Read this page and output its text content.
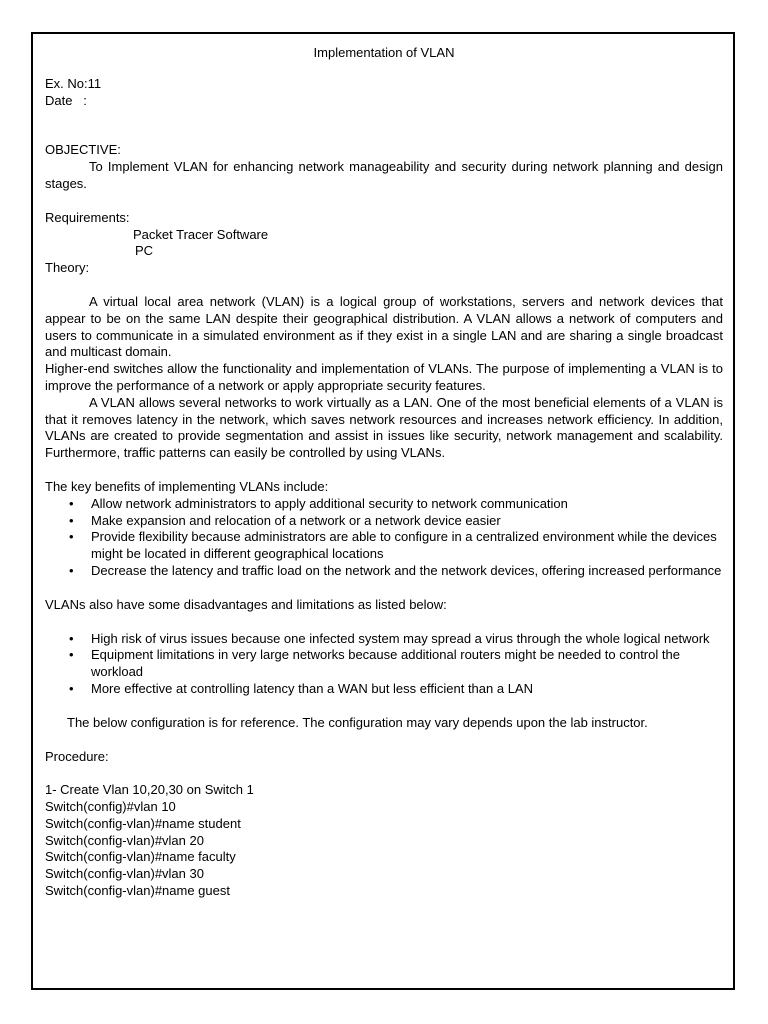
Implementation of VLAN

Ex. No:11

Date   :

OBJECTIVE:

To Implement VLAN for enhancing network manageability and security during network planning and design stages.

Requirements:

Packet Tracer Software

PC

Theory:

A virtual local area network (VLAN) is a logical group of workstations, servers and network devices that appear to be on the same LAN despite their geographical distribution. A VLAN allows a network of computers and users to communicate in a simulated environment as if they exist in a single LAN and are sharing a single broadcast and multicast domain.

Higher-end switches allow the functionality and implementation of VLANs. The purpose of implementing a VLAN is to improve the performance of a network or apply appropriate security features.

A VLAN allows several networks to work virtually as a LAN. One of the most beneficial elements of a VLAN is that it removes latency in the network, which saves network resources and increases network efficiency. In addition, VLANs are created to provide segmentation and assist in issues like security, network management and scalability. Furthermore, traffic patterns can easily be controlled by using VLANs.

The key benefits of implementing VLANs include:

• Allow network administrators to apply additional security to network communication
• Make expansion and relocation of a network or a network device easier
• Provide flexibility because administrators are able to configure in a centralized environment while the devices might be located in different geographical locations
• Decrease the latency and traffic load on the network and the network devices, offering increased performance

VLANs also have some disadvantages and limitations as listed below:

• High risk of virus issues because one infected system may spread a virus through the whole logical network
• Equipment limitations in very large networks because additional routers might be needed to control the workload
• More effective at controlling latency than a WAN but less efficient than a LAN

The below configuration is for reference. The configuration may vary depends upon the lab instructor.

Procedure:

1- Create Vlan 10,20,30 on Switch 1

Switch(config)#vlan 10

Switch(config-vlan)#name student

Switch(config-vlan)#vlan 20

Switch(config-vlan)#name faculty

Switch(config-vlan)#vlan 30

Switch(config-vlan)#name guest
